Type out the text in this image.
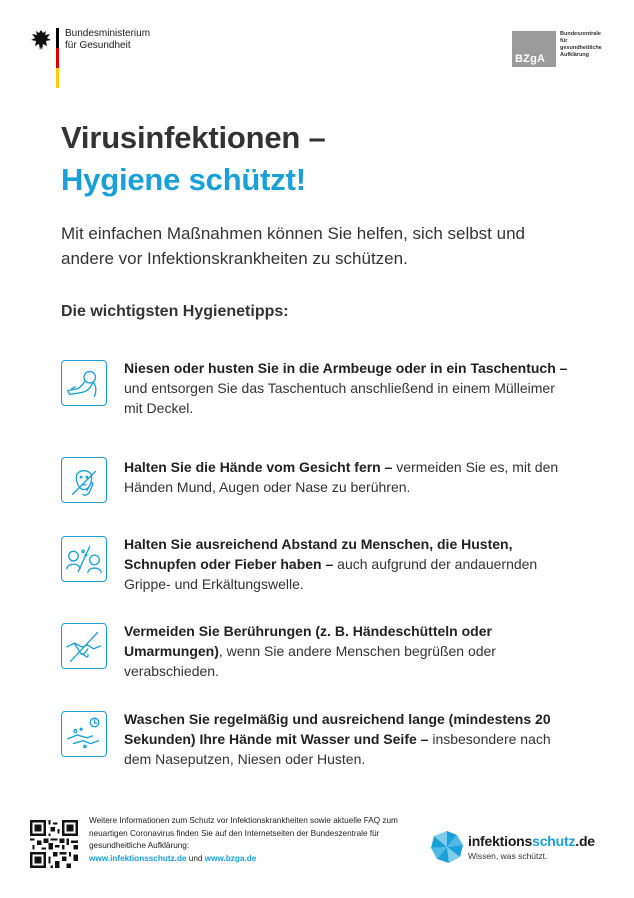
Bundesministerium
für Gesundheit
BZgA
Bundeszentrale
für
gesundheitliche
Aufklärung
Virusinfektionen –
Hygiene schützt!

Mit einfachen Maßnahmen können Sie helfen, sich selbst und andere vor Infektionskrankheiten zu schützen.

Die wichtigsten Hygienetipps:
Niesen oder husten Sie in die Armbeuge oder in ein Taschentuch – und entsorgen Sie das Taschentuch anschließend in einem Mülleimer mit Deckel.
Halten Sie die Hände vom Gesicht fern – vermeiden Sie es, mit den Händen Mund, Augen oder Nase zu berühren.
Halten Sie ausreichend Abstand zu Menschen, die Husten, Schnupfen oder Fieber haben – auch aufgrund der andauernden Grippe- und Erkältungswelle.
Vermeiden Sie Berührungen (z. B. Händeschütteln oder Umarmungen), wenn Sie andere Menschen begrüßen oder verabschieden.
Waschen Sie regelmäßig und ausreichend lange (mindestens 20 Sekunden) Ihre Hände mit Wasser und Seife – insbesondere nach dem Naseputzen, Niesen oder Husten.
Weitere Informationen zum Schutz vor Infektionskrankheiten sowie aktuelle FAQ zum neuartigen Coronavirus finden Sie auf den Internetseiten der Bundeszentrale für gesundheitliche Aufklärung:
www.infektionsschutz.de und www.bzga.de
infektionsschutz.de
Wissen, was schützt.
